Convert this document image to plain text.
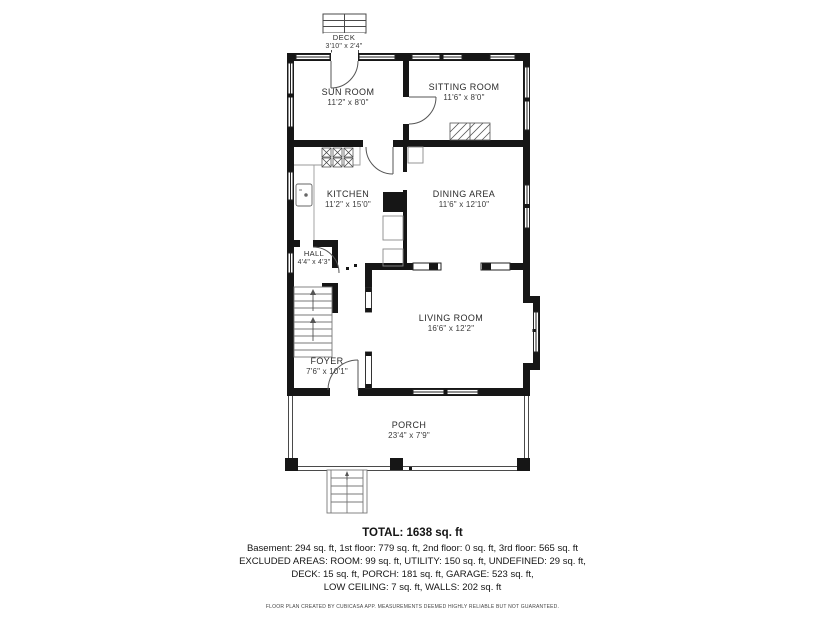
DECK
3'10" x 2'4"
SUN ROOM
11'2" x 8'0"
SITTING ROOM
11'6" x 8'0"
KITCHEN
11'2" x 15'0"
DINING AREA
11'6" x 12'10"
HALL
4'4" x 4'3"
LIVING ROOM
16'6" x 12'2"
FOYER
7'6" x 10'1"
PORCH
23'4" x 7'9"
TOTAL: 1638 sq. ft
Basement: 294 sq. ft, 1st floor: 779 sq. ft, 2nd floor: 0 sq. ft, 3rd floor: 565 sq. ft
EXCLUDED AREAS: ROOM: 99 sq. ft, UTILITY: 150 sq. ft, UNDEFINED: 29 sq. ft,
DECK: 15 sq. ft, PORCH: 181 sq. ft, GARAGE: 523 sq. ft,
LOW CEILING: 7 sq. ft, WALLS: 202 sq. ft
FLOOR PLAN CREATED BY CUBICASA APP. MEASUREMENTS DEEMED HIGHLY RELIABLE BUT NOT GUARANTEED.
